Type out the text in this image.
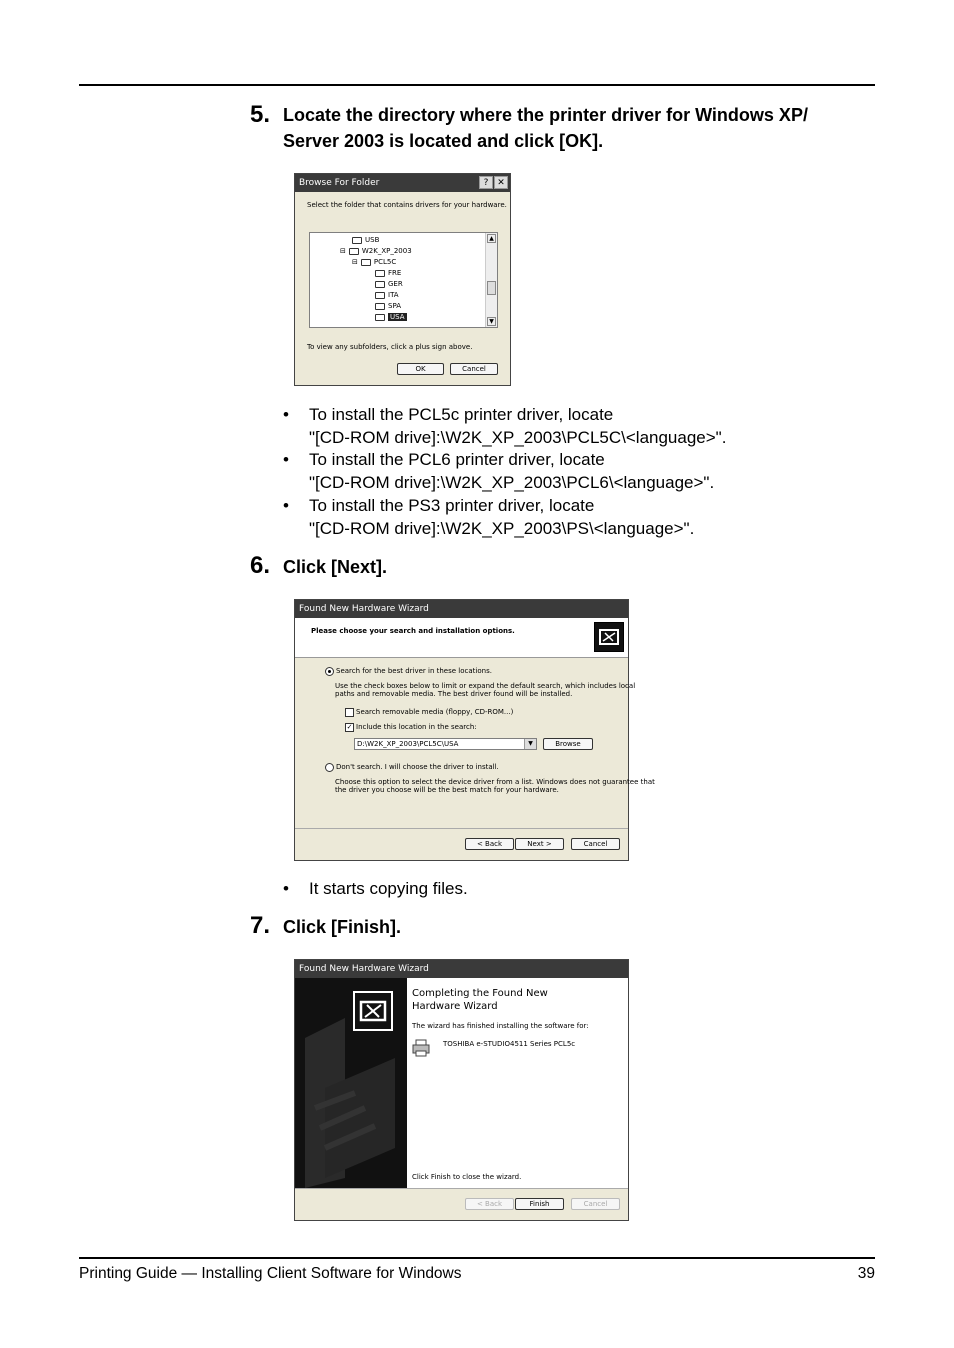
5. Locate the directory where the printer driver for Windows XP/
Server 2003 is located and click [OK].
Browse For Folder	? ✕
Select the folder that contains drivers for your hardware.
USB
⊟ W2K_XP_2003
⊟ PCL5C
FRE
GER
ITA
SPA
USA
▲
▼
To view any subfolders, click a plus sign above.
OK	Cancel
• To install the PCL5c printer driver, locate
"[CD-ROM drive]:\W2K_XP_2003\PCL5C\<language>".
• To install the PCL6 printer driver, locate
"[CD-ROM drive]:\W2K_XP_2003\PCL6\<language>".
• To install the PS3 printer driver, locate
"[CD-ROM drive]:\W2K_XP_2003\PS\<language>".
6. Click [Next].
Found New Hardware Wizard
Please choose your search and installation options.
Search for the best driver in these locations.
Use the check boxes below to limit or expand the default search, which includes local
paths and removable media. The best driver found will be installed.
Search removable media (floppy, CD-ROM...)
✓ Include this location in the search:
D:\W2K_XP_2003\PCL5C\USA	▼	Browse
Don't search. I will choose the driver to install.
Choose this option to select the device driver from a list. Windows does not guarantee that
the driver you choose will be the best match for your hardware.
< Back	Next >	Cancel
• It starts copying files.
7. Click [Finish].
Found New Hardware Wizard
Completing the Found New
Hardware Wizard
The wizard has finished installing the software for:
TOSHIBA e-STUDIO4511 Series PCL5c
Click Finish to close the wizard.
< Back	Finish	Cancel
Printing Guide — Installing Client Software for Windows	39
